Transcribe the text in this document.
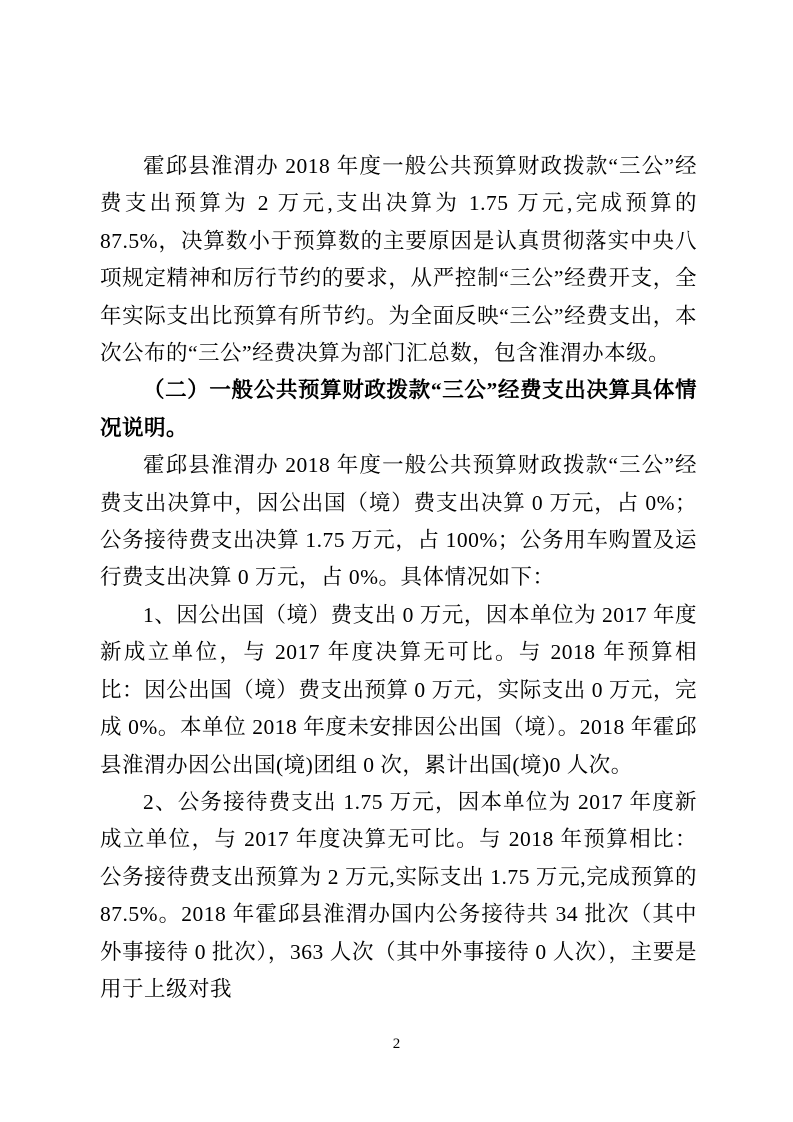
霍邱县淮渭办 2018 年度一般公共预算财政拨款“三公”经费支出预算为 2 万元,支出决算为 1.75 万元,完成预算的 87.5%，决算数小于预算数的主要原因是认真贯彻落实中央八项规定精神和厉行节约的要求，从严控制“三公”经费开支，全年实际支出比预算有所节约。为全面反映“三公”经费支出，本次公布的“三公”经费决算为部门汇总数，包含淮渭办本级。

（二）一般公共预算财政拨款“三公”经费支出决算具体情况说明。

霍邱县淮渭办 2018 年度一般公共预算财政拨款“三公”经费支出决算中，因公出国（境）费支出决算 0 万元，占 0%；公务接待费支出决算 1.75 万元，占 100%；公务用车购置及运行费支出决算 0 万元，占 0%。具体情况如下：

1、因公出国（境）费支出 0 万元，因本单位为 2017 年度新成立单位，与 2017 年度决算无可比。与 2018 年预算相比：因公出国（境）费支出预算 0 万元，实际支出 0 万元，完成 0%。本单位 2018 年度未安排因公出国（境）。2018 年霍邱县淮渭办因公出国(境)团组 0 次，累计出国(境)0 人次。

2、公务接待费支出 1.75 万元，因本单位为 2017 年度新成立单位，与 2017 年度决算无可比。与 2018 年预算相比：公务接待费支出预算为 2 万元,实际支出 1.75 万元,完成预算的 87.5%。2018 年霍邱县淮渭办国内公务接待共 34 批次（其中外事接待 0 批次），363 人次（其中外事接待 0 人次），主要是用于上级对我

2
